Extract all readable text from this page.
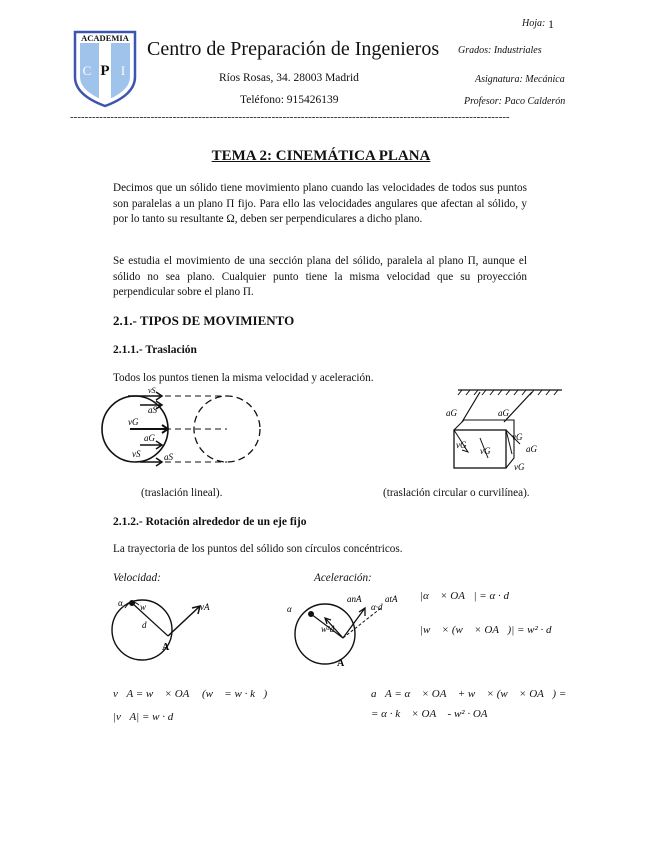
Hoja: 1
ACADEMIA
C P I
Centro de Preparación de Ingenieros Grados: Industriales
Ríos Rosas, 34. 28003 Madrid	Asignatura: Mecánica
Teléfono: 915426139	Profesor: Paco Calderón
------------------------------------------------------------------------------------------------------------------------
TEMA 2: CINEMÁTICA PLANA
Decimos que un sólido tiene movimiento plano cuando las velocidades de todos sus puntos son paralelas a un plano Π fijo. Para ello las velocidades angulares que afectan al sólido, y por lo tanto su resultante Ω, deben ser perpendiculares a dicho plano.
Se estudia el movimiento de una sección plana del sólido, paralela al plano Π, aunque el sólido no sea plano. Cualquier punto tiene la misma velocidad que su proyección perpendicular sobre el plano Π.
2.1.- TIPOS DE MOVIMIENTO
2.1.1.- Traslación
Todos los puntos tienen la misma velocidad y aceleración.
vS
aS
vG
aG
vS	aS
aG	aG
vG
vG
vG
aG
vG
(traslación lineal).	(traslación circular o curvilínea).
2.1.2.- Rotación alrededor de un eje fijo
La trayectoria de los puntos del sólido son círculos concéntricos.
Velocidad:	Aceleración:
α w
d
A
vA	α
w²d
A
anA
α·d
atA |α⃗ × OA⃗| = α · d
|w⃗ × (w⃗ × OA⃗)| = w² · d
v⃗A = w⃗ × OA⃗ (w⃗ = w · k⃗)
|v⃗A| = w · d
a⃗A = α⃗ × OA⃗ + w⃗ × (w⃗ × OA⃗) =
= α · k⃗ × OA⃗ - w² · OA⃗
